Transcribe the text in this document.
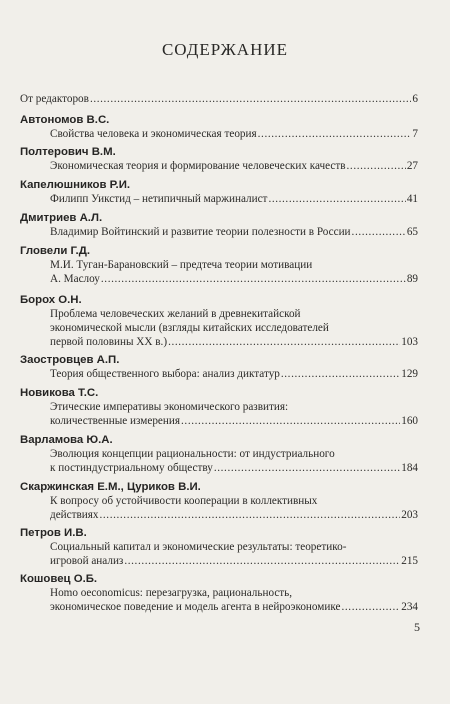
СОДЕРЖАНИЕ
От редакторов .....	6
Автономов В.С.
Свойства человека и экономическая теория .....	7
Полтерович В.М.
Экономическая теория и формирование человеческих качеств .....	27
Капелюшников Р.И.
Филипп Уикстид – нетипичный маржиналист .....	41
Дмитриев А.Л.
Владимир Войтинский и развитие теории полезности в России .....	65
Гловели Г.Д.
М.И. Туган-Барановский – предтеча теории мотивации
А. Маслоу .....	89
Борох О.Н.
Проблема человеческих желаний в древнекитайской
экономической мысли (взгляды китайских исследователей
первой половины XX в.) .....	103
Заостровцев А.П.
Теория общественного выбора: анализ диктатур .....	129
Новикова Т.С.
Этические императивы экономического развития:
количественные измерения .....	160
Варламова Ю.А.
Эволюция концепции рациональности: от индустриального
к постиндустриальному обществу .....	184
Скаржинская Е.М., Цуриков В.И.
К вопросу об устойчивости кооперации в коллективных
действиях .....	203
Петров И.В.
Социальный капитал и экономические результаты: теоретико-
игровой анализ .....	215
Кошовец О.Б.
Homo oeconomicus: перезагрузка, рациональность,
экономическое поведение и модель агента в нейроэкономике .....	234
5
